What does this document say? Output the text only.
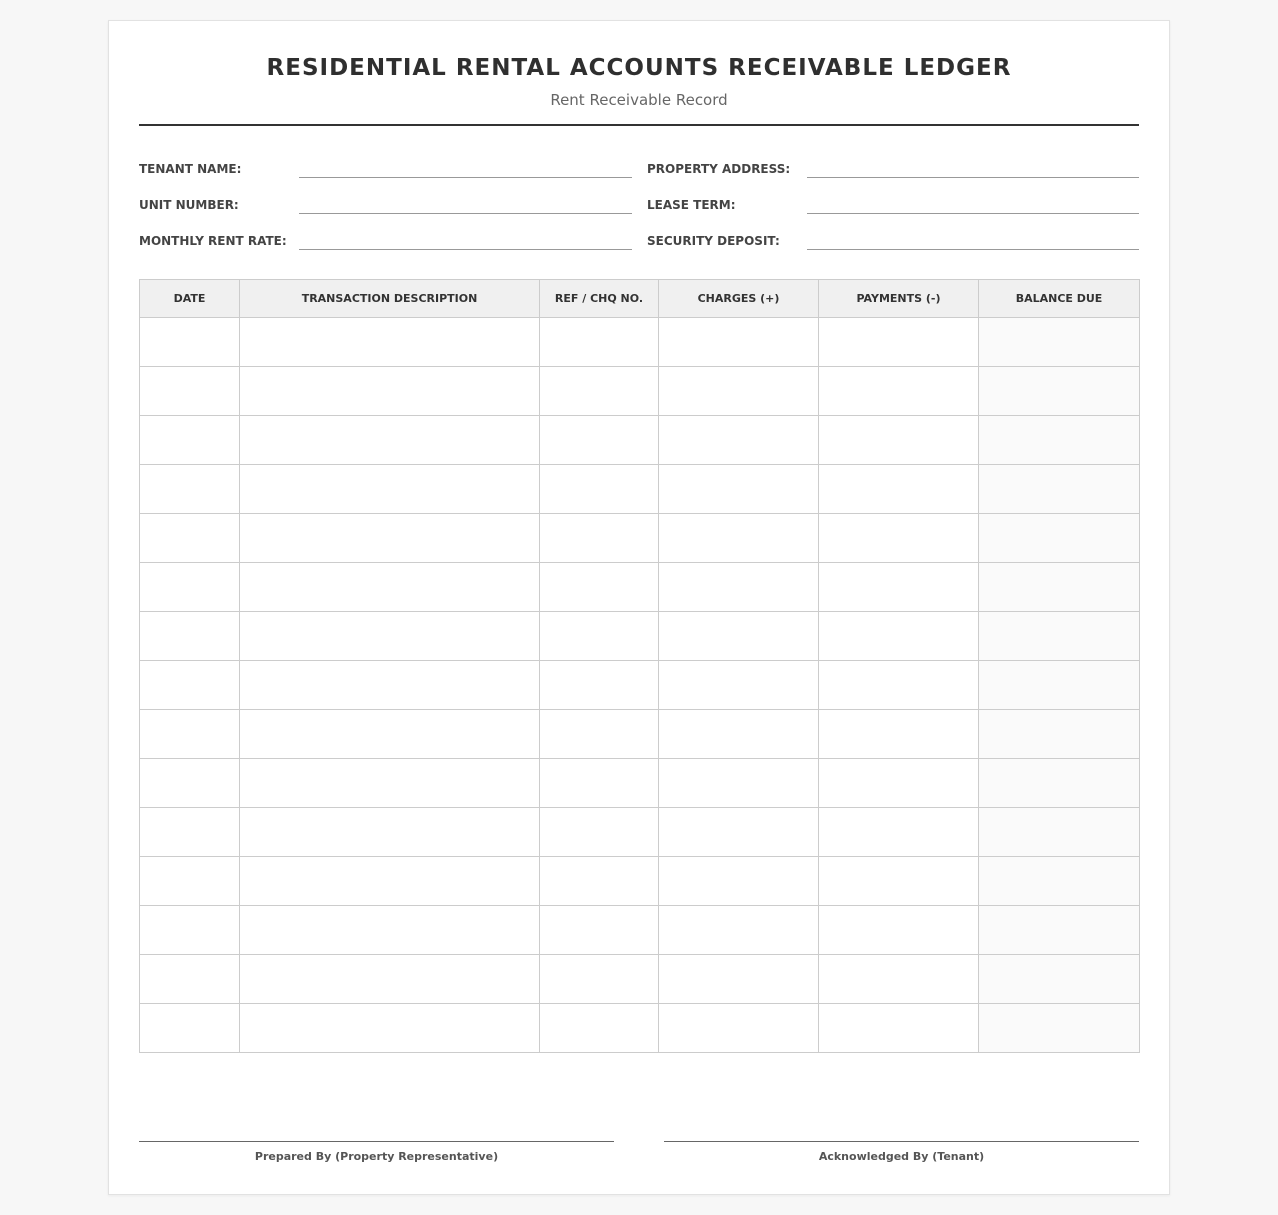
RESIDENTIAL RENTAL ACCOUNTS RECEIVABLE LEDGER
Rent Receivable Record
TENANT NAME:	PROPERTY ADDRESS:
UNIT NUMBER:	LEASE TERM:
MONTHLY RENT RATE:	SECURITY DEPOSIT:
DATE	TRANSACTION DESCRIPTION	REF / CHQ NO.	CHARGES (+)	PAYMENTS (-)	BALANCE DUE

Prepared By (Property Representative)	Acknowledged By (Tenant)
